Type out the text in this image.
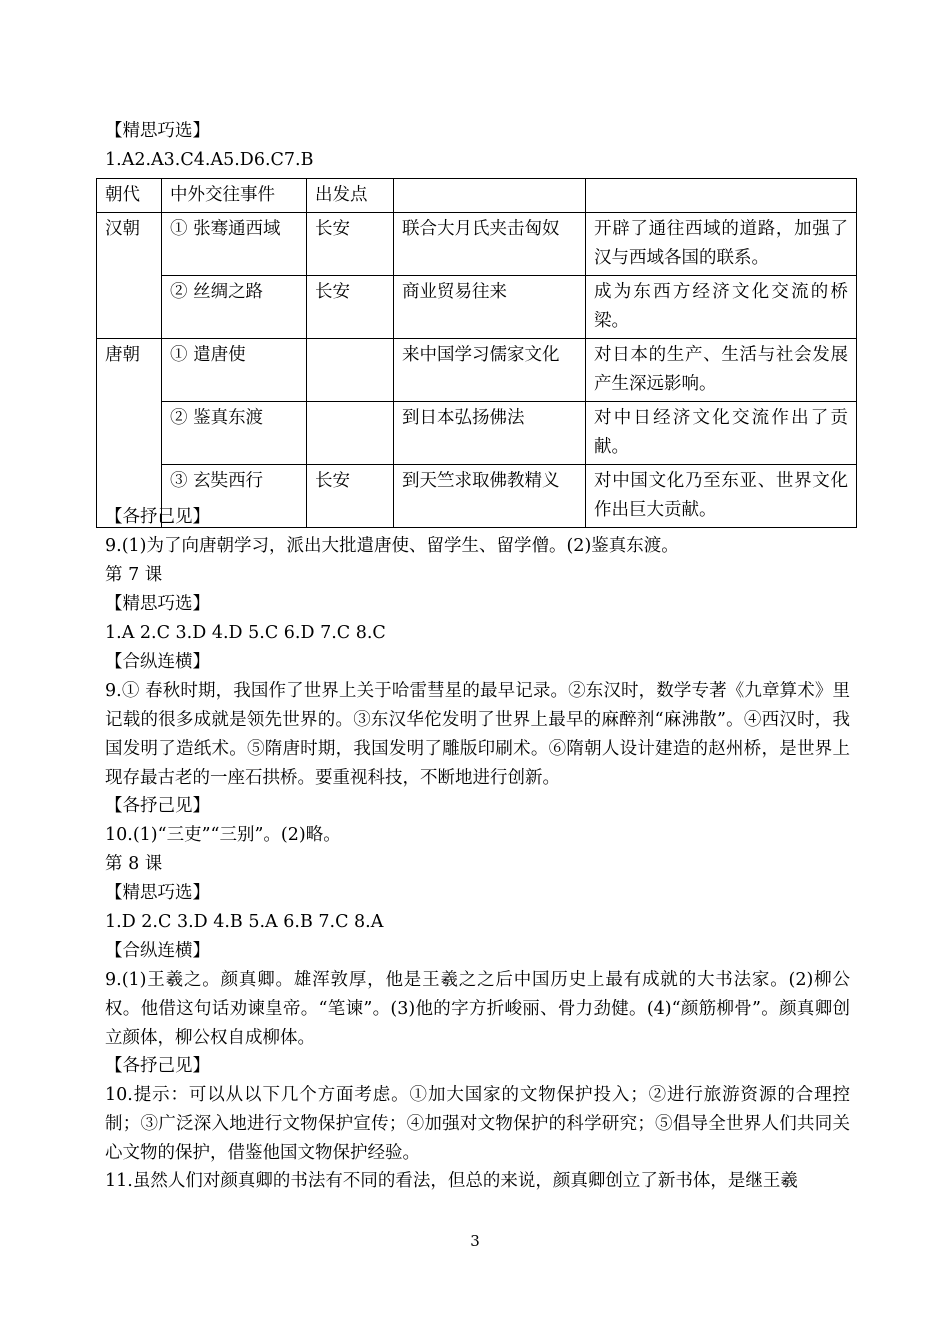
【精思巧选】
1.A2.A3.C4.A5.D6.C7.B
朝代	中外交往事件	出发点		
汉朝	① 张骞通西域	长安	联合大月氏夹击匈奴	开辟了通往西域的道路，加强了汉与西域各国的联系。
	② 丝绸之路	长安	商业贸易往来	成为东西方经济文化交流的桥梁。
唐朝	① 遣唐使		来中国学习儒家文化	对日本的生产、生活与社会发展产生深远影响。
	② 鉴真东渡		到日本弘扬佛法	对中日经济文化交流作出了贡献。
	③ 玄奘西行	长安	到天竺求取佛教精义	对中国文化乃至东亚、世界文化作出巨大贡献。
【各抒己见】
9.(1)为了向唐朝学习，派出大批遣唐使、留学生、留学僧。(2)鉴真东渡。
第 7 课
【精思巧选】
1.A 2.C 3.D 4.D 5.C 6.D 7.C 8.C
【合纵连横】
9.① 春秋时期，我国作了世界上关于哈雷彗星的最早记录。②东汉时，数学专著《九章算术》里记载的很多成就是领先世界的。③东汉华佗发明了世界上最早的麻醉剂“麻沸散”。④西汉时，我国发明了造纸术。⑤隋唐时期，我国发明了雕版印刷术。⑥隋朝人设计建造的赵州桥，是世界上现存最古老的一座石拱桥。要重视科技，不断地进行创新。
【各抒己见】
10.(1)“三吏”“三别”。(2)略。
第 8 课
【精思巧选】
1.D 2.C 3.D 4.B 5.A 6.B 7.C 8.A
【合纵连横】
9.(1)王羲之。颜真卿。雄浑敦厚，他是王羲之之后中国历史上最有成就的大书法家。(2)柳公权。他借这句话劝谏皇帝。“笔谏”。(3)他的字方折峻丽、骨力劲健。(4)“颜筋柳骨”。颜真卿创立颜体，柳公权自成柳体。
【各抒己见】
10.提示：可以从以下几个方面考虑。①加大国家的文物保护投入；②进行旅游资源的合理控制；③广泛深入地进行文物保护宣传；④加强对文物保护的科学研究；⑤倡导全世界人们共同关心文物的保护，借鉴他国文物保护经验。
11.虽然人们对颜真卿的书法有不同的看法，但总的来说，颜真卿创立了新书体，是继王羲
3
